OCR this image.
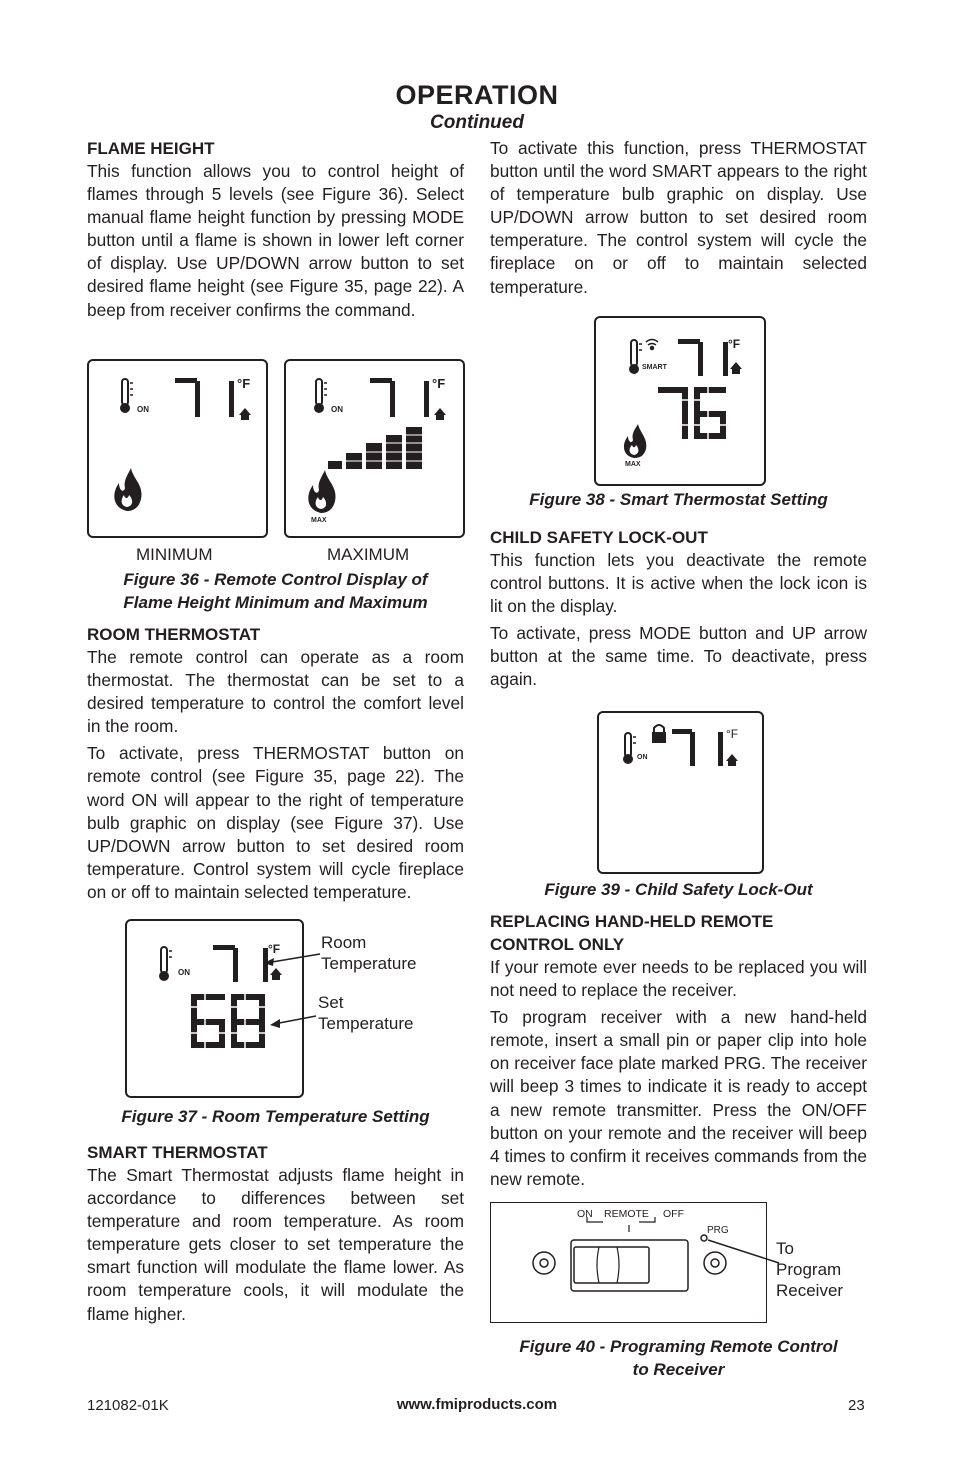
OPERATION
Continued

FLAME HEIGHT

This function allows you to control height of flames through 5 levels (see Figure 36). Select manual flame height function by pressing MODE button until a flame is shown in lower left corner of display. Use UP/DOWN arrow button to set desired flame height (see Figure 35, page 22). A beep from receiver confirms the command.

ON
°F
ON
°F
MAX
MINIMUM	MAXIMUM
Figure 36 - Remote Control Display of
Flame Height Minimum and Maximum

ROOM THERMOSTAT

The remote control can operate as a room thermostat. The thermostat can be set to a desired temperature to control the comfort level in the room.

To activate, press THERMOSTAT button on remote control (see Figure 35, page 22). The word ON will appear to the right of temperature bulb graphic on display (see Figure 37). Use UP/DOWN arrow button to set desired room temperature. Control system will cycle fireplace on or off to maintain selected temperature.

ON
°F Room
Temperature
Set
Temperature
Figure 37 - Room Temperature Setting

SMART THERMOSTAT

The Smart Thermostat adjusts flame height in accordance to differences between set temperature and room temperature. As room temperature gets closer to set temperature the smart function will modulate the flame lower. As room temperature cools, it will modulate the flame higher.

To activate this function, press THERMOSTAT button until the word SMART appears to the right of temperature bulb graphic on display. Use UP/DOWN arrow button to set desired room temperature. The control system will cycle the fireplace on or off to maintain selected temperature.

SMART
°F
MAX
Figure 38 - Smart Thermostat Setting

CHILD SAFETY LOCK-OUT

This function lets you deactivate the remote control buttons. It is active when the lock icon is lit on the display.

To activate, press MODE button and UP arrow button at the same time. To deactivate, press again.

ON
°F
Figure 39 - Child Safety Lock-Out

REPLACING HAND-HELD REMOTE
CONTROL ONLY

If your remote ever needs to be replaced you will not need to replace the receiver.

To program receiver with a new hand-held remote, insert a small pin or paper clip into hole on receiver face plate marked PRG. The receiver will beep 3 times to indicate it is ready to accept a new remote transmitter. Press the ON/OFF button on your remote and the receiver will beep 4 times to confirm it receives commands from the new remote.

ON REMOTE OFF
PRG
To
Program
Receiver
Figure 40 - Programing Remote Control
to Receiver
121082-01K	www.fmiproducts.com	23
